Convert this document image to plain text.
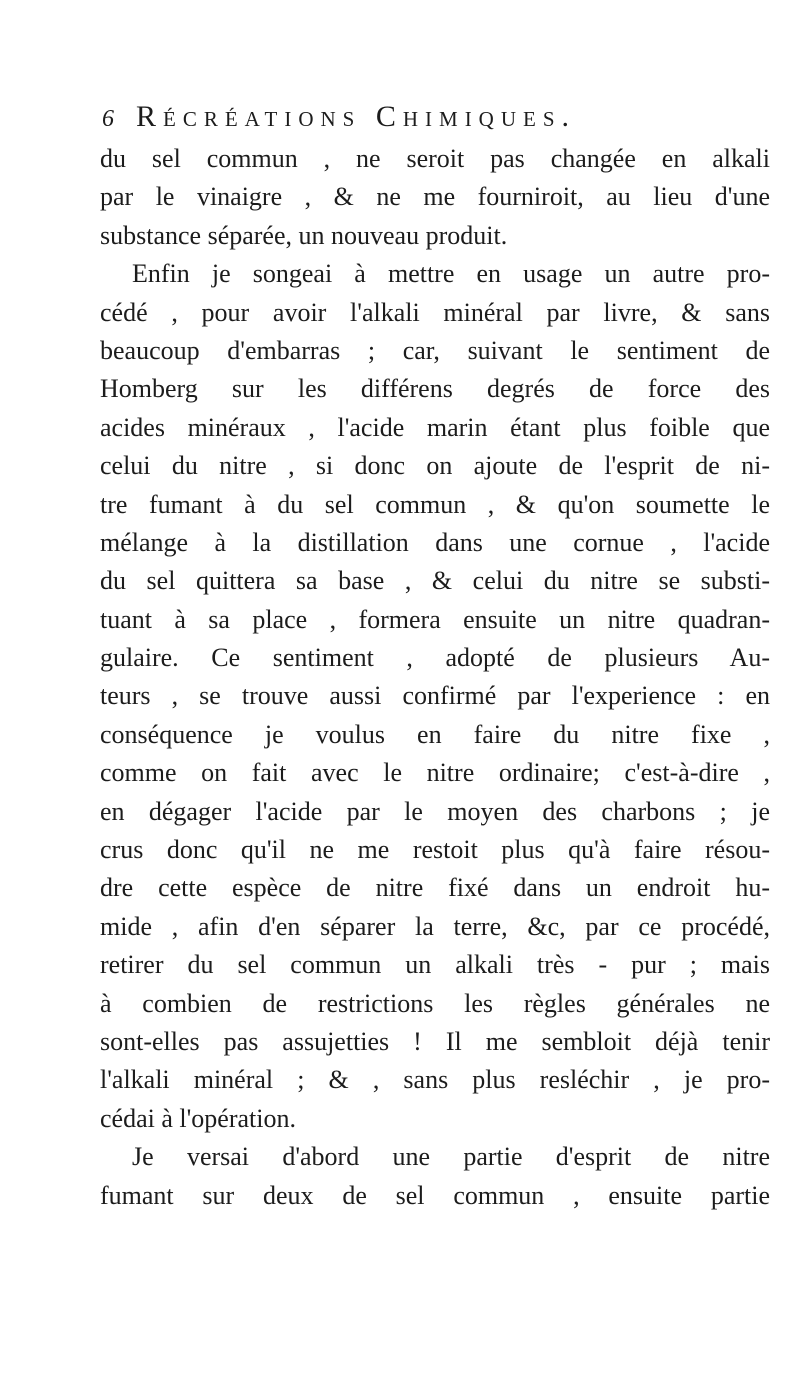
6 Récréations Chimiques.
du sel commun , ne seroit pas changée en alkali
par le vinaigre , & ne me fourniroit, au lieu d'une
substance séparée, un nouveau produit.
Enfin je songeai à mettre en usage un autre pro-
cédé , pour avoir l'alkali minéral par livre, & sans
beaucoup d'embarras ; car, suivant le sentiment de
Homberg sur les différens degrés de force des
acides minéraux , l'acide marin étant plus foible que
celui du nitre , si donc on ajoute de l'esprit de ni-
tre fumant à du sel commun , & qu'on soumette le
mélange à la distillation dans une cornue , l'acide
du sel quittera sa base , & celui du nitre se substi-
tuant à sa place , formera ensuite un nitre quadran-
gulaire. Ce sentiment , adopté de plusieurs Au-
teurs , se trouve aussi confirmé par l'experience : en
conséquence je voulus en faire du nitre fixe ,
comme on fait avec le nitre ordinaire; c'est-à-dire ,
en dégager l'acide par le moyen des charbons ; je
crus donc qu'il ne me restoit plus qu'à faire résou-
dre cette espèce de nitre fixé dans un endroit hu-
mide , afin d'en séparer la terre, &c, par ce procédé,
retirer du sel commun un alkali très - pur ; mais
à combien de restrictions les règles générales ne
sont-elles pas assujetties ! Il me sembloit déjà tenir
l'alkali minéral ; & , sans plus resléchir , je pro-
cédai à l'opération.
Je versai d'abord une partie d'esprit de nitre
fumant sur deux de sel commun , ensuite partie
